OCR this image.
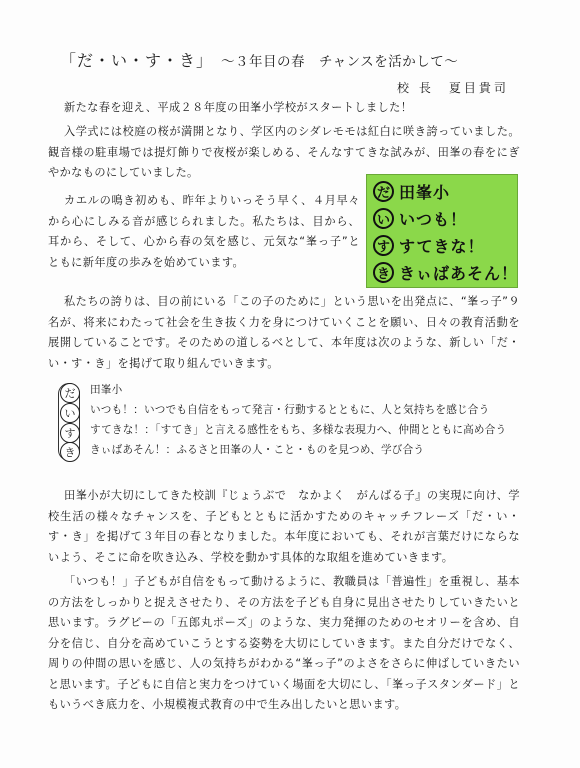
「だ・い・す・き」 ～３年目の春　チャンスを活かして～
校 長　夏目貴司

新たな春を迎え、平成２８年度の田峯小学校がスタートしました！

入学式には校庭の桜が満開となり、学区内のシダレモモは紅白に咲き誇っていました。観音様の駐車場では提灯飾りで夜桜が楽しめる、そんなすてきな試みが、田峯の春をにぎやかなものにしていました。

カエルの鳴き初めも、昨年よりいっそう早く、４月早々から心にしみる音が感じられました。私たちは、目から、耳から、そして、心から春の気を感じ、元気な“峯っ子”とともに新年度の歩みを始めています。

だ 田峯小
い いつも！
す すてきな！
き きぃばあそん！

私たちの誇りは、目の前にいる「この子のために」という思いを出発点に、“峯っ子”９名が、将来にわたって社会を生き抜く力を身につけていくことを願い、日々の教育活動を展開していることです。そのための道しるべとして、本年度は次のような、新しい「だ・い・す・き」を掲げて取り組んでいきます。

だ
い
す
き
田峯小
いつも！：いつでも自信をもって発言・行動するとともに、人と気持ちを感じ合う
すてきな！：「すてき」と言える感性をもち、多様な表現力へ、仲間とともに高め合う
きぃばあそん！：ふるさと田峯の人・こと・ものを見つめ、学び合う

田峯小が大切にしてきた校訓『じょうぶで　なかよく　がんばる子』の実現に向け、学校生活の様々なチャンスを、子どもとともに活かすためのキャッチフレーズ「だ・い・す・き」を掲げて３年目の春となりました。本年度においても、それが言葉だけにならないよう、そこに命を吹き込み、学校を動かす具体的な取組を進めていきます。

「いつも！」子どもが自信をもって動けるように、教職員は「普遍性」を重視し、基本の方法をしっかりと捉えさせたり、その方法を子ども自身に見出させたりしていきたいと思います。ラグビーの「五郎丸ポーズ」のような、実力発揮のためのセオリーを含め、自分を信じ、自分を高めていこうとする姿勢を大切にしていきます。また自分だけでなく、周りの仲間の思いを感じ、人の気持ちがわかる“峯っ子”のよさをさらに伸ばしていきたいと思います。子どもに自信と実力をつけていく場面を大切にし、「峯っ子スタンダード」ともいうべき底力を、小規模複式教育の中で生み出したいと思います。
